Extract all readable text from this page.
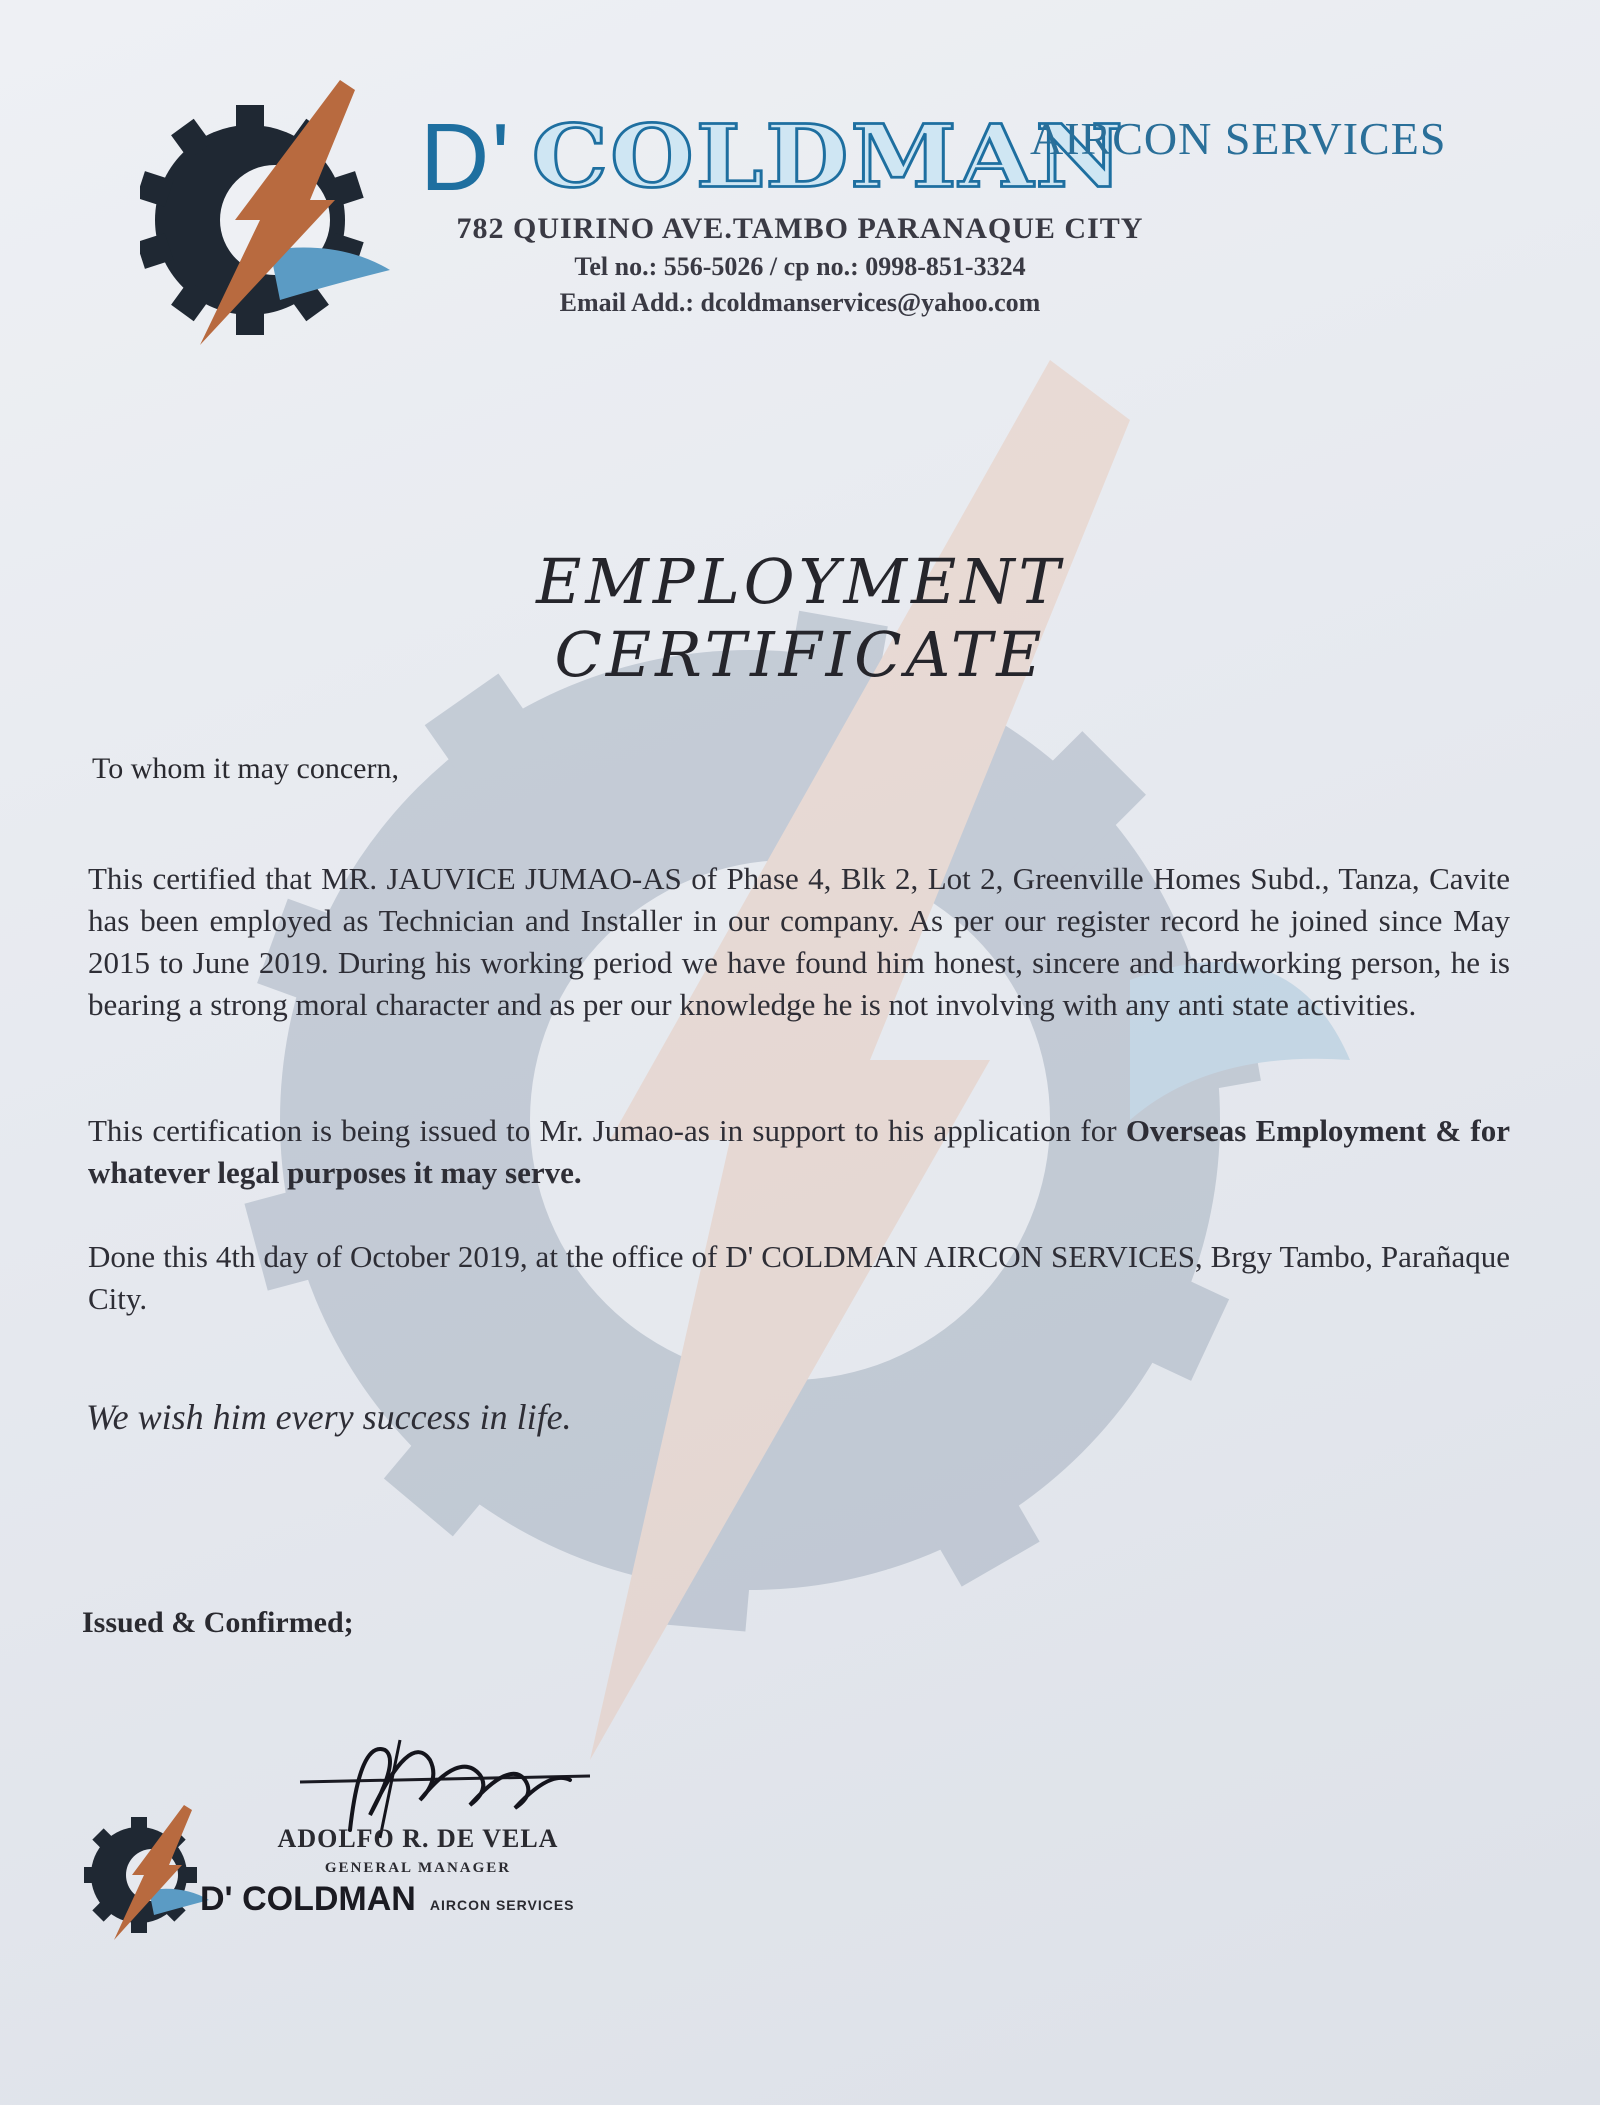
D' COLDMAN
AIRCON SERVICES
782 QUIRINO AVE.TAMBO PARANAQUE CITY
Tel no.: 556-5026 / cp no.: 0998-851-3324
Email Add.: dcoldmanservices@yahoo.com
EMPLOYMENT CERTIFICATE
To whom it may concern,
This certified that MR. JAUVICE JUMAO-AS of Phase 4, Blk 2, Lot 2, Greenville Homes Subd., Tanza, Cavite has been employed as Technician and Installer in our company. As per our register record he joined since May 2015 to June 2019. During his working period we have found him honest, sincere and hardworking person, he is bearing a strong moral character and as per our knowledge he is not involving with any anti state activities.
This certification is being issued to Mr. Jumao-as in support to his application for Overseas Employment & for whatever legal purposes it may serve.
Done this 4th day of October 2019, at the office of D' COLDMAN AIRCON SERVICES, Brgy Tambo, Parañaque City.
We wish him every success in life.
Issued & Confirmed;
ADOLFO R. DE VELA
GENERAL MANAGER
D' COLDMAN AIRCON SERVICES
